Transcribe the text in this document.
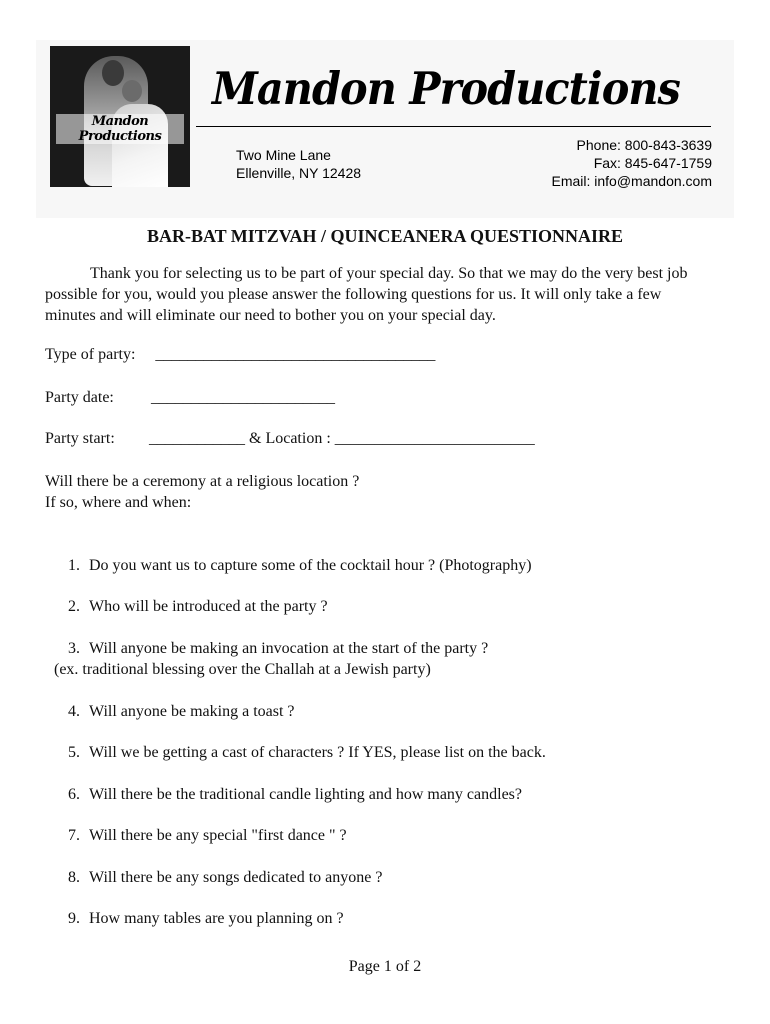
Mandon Productions
Mandon Productions
Two Mine Lane
Ellenville, NY 12428
Phone: 800-843-3639
Fax: 845-647-1759
Email: info@mandon.com
BAR-BAT MITZVAH / QUINCEANERA QUESTIONNAIRE
Thank you for selecting us to be part of your special day. So that we may do the very best job possible for you, would you please answer the following questions for us. It will only take a few minutes and will eliminate our need to bother you on your special day.
Type of party: ___________________________________
Party date: _______________________
Party start: ____________ & Location : _________________________
Will there be a ceremony at a religious location ?
If so, where and when:
1. Do you want us to capture some of the cocktail hour ? (Photography)
2. Who will be introduced at the party ?
3. Will anyone be making an invocation at the start of the party ?
(ex. traditional blessing over the Challah at a Jewish party)
4. Will anyone be making a toast ?
5. Will we be getting a cast of characters ? If YES, please list on the back.
6. Will there be the traditional candle lighting and how many candles?
7. Will there be any special "first dance " ?
8. Will there be any songs dedicated to anyone ?
9. How many tables are you planning on ?
Page 1 of 2
